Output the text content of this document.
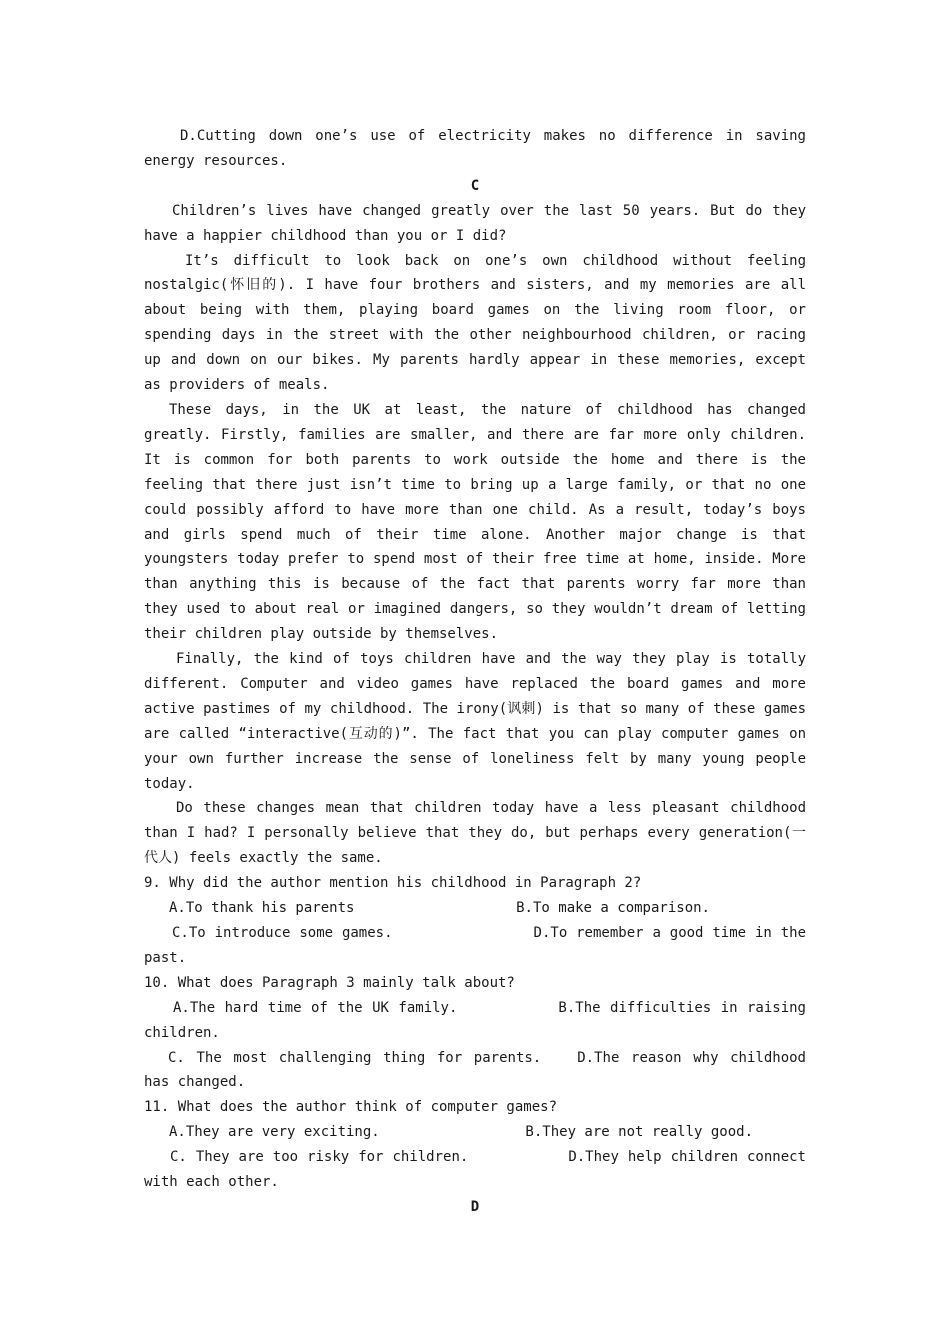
D.Cutting down one’s use of electricity makes no difference in saving energy resources.

C

Children’s lives have changed greatly over the last 50 years. But do they have a happier childhood than you or I did?

It’s difficult to look back on one’s own childhood without feeling nostalgic(怀旧的). I have four brothers and sisters, and my memories are all about being with them, playing board games on the living room floor, or spending days in the street with the other neighbourhood children, or racing up and down on our bikes. My parents hardly appear in these memories, except as providers of meals.

These days, in the UK at least, the nature of childhood has changed greatly. Firstly, families are smaller, and there are far more only children. It is common for both parents to work outside the home and there is the feeling that there just isn’t time to bring up a large family, or that no one could possibly afford to have more than one child. As a result, today’s boys and girls spend much of their time alone. Another major change is that youngsters today prefer to spend most of their free time at home, inside. More than anything this is because of the fact that parents worry far more than they used to about real or imagined dangers, so they wouldn’t dream of letting their children play outside by themselves.

Finally, the kind of toys children have and the way they play is totally different. Computer and video games have replaced the board games and more active pastimes of my childhood. The irony(讽刺) is that so many of these games are called “interactive(互动的)”. The fact that you can play computer games on your own further increase the sense of loneliness felt by many young people today.

Do these changes mean that children today have a less pleasant childhood than I had? I personally believe that they do, but perhaps every generation(一代人) feels exactly the same.

9. Why did the author mention his childhood in Paragraph 2?

A.To thank his parents	B.To make a comparison.

C.To introduce some games.	D.To remember a good time in the past.

10. What does Paragraph 3 mainly talk about?

A.The hard time of the UK family.	B.The difficulties in raising children.

C. The most challenging thing for parents.	D.The reason why childhood has changed.

11. What does the author think of computer games?

A.They are very exciting.	B.They are not really good.

C. They are too risky for children.	D.They help children connect with each other.

D
